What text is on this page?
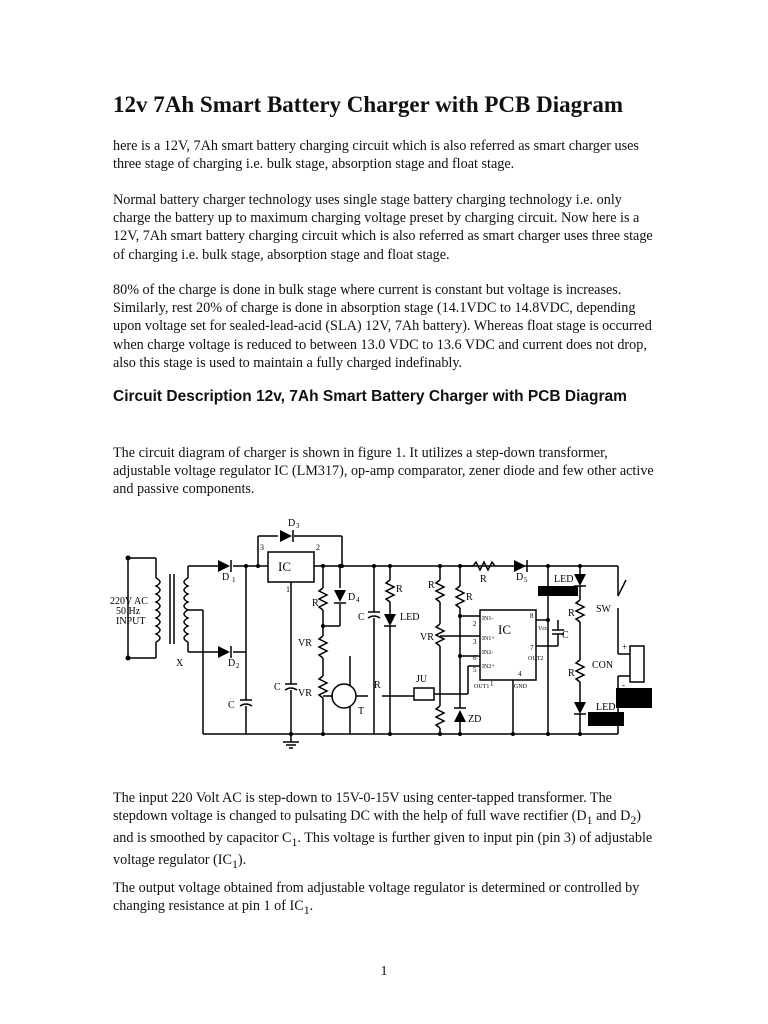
12v 7Ah Smart Battery Charger with PCB Diagram

here is a 12V, 7Ah smart battery charging circuit which is also referred as smart charger uses three stage of charging i.e. bulk stage, absorption stage and float stage.

Normal battery charger technology uses single stage battery charging technology i.e. only charge the battery up to maximum charging voltage preset by charging circuit. Now here is a 12V, 7Ah smart battery charging circuit which is also referred as smart charger uses three stage of charging i.e. bulk stage, absorption stage and float stage.

80% of the charge is done in bulk stage where current is constant but voltage is increases. Similarly, rest 20% of charge is done in absorption stage (14.1VDC to 14.8VDC, depending upon voltage set for sealed-lead-acid (SLA) 12V, 7Ah battery). Whereas float stage is occurred when charge voltage is reduced to between 13.0 VDC to 13.6 VDC and current does not drop, also this stage is used to maintain a fully charged indefinably.

Circuit Description 12v, 7Ah Smart Battery Charger with PCB Diagram

The circuit diagram of charger is shown in figure 1. It utilizes a step-down transformer, adjustable voltage regulator IC (LM317), op-amp comparator, zener diode and few other active and passive components.

220V AC
50 Hz
INPUT
X
D
D
D
D
D
IC
IC
R
R
R
R
R
R
R
R
VR
VR
VR
C
C
C
C
T
JU
ZD
LED
LED
LED
SW
CON
1
2
3
4
5
3	2
1
IN1-
IN1+
IN2-
IN2+
Vcc
OUT2
OUT1	GND
CHARGING
TO
BATT.
FULL
CHARGE
+
-
2
3
6
5
8
7
1
4

The input 220 Volt AC is step-down to 15V-0-15V using center-tapped transformer. The stepdown voltage is changed to pulsating DC with the help of full wave rectifier ($D_1$ and $D_2$) and is smoothed by capacitor $C_1$. This voltage is further given to input pin (pin 3) of adjustable voltage regulator $(IC_1)$.

The output voltage obtained from adjustable voltage regulator is determined or controlled by changing resistance at pin 1 of $IC_1$.

1
